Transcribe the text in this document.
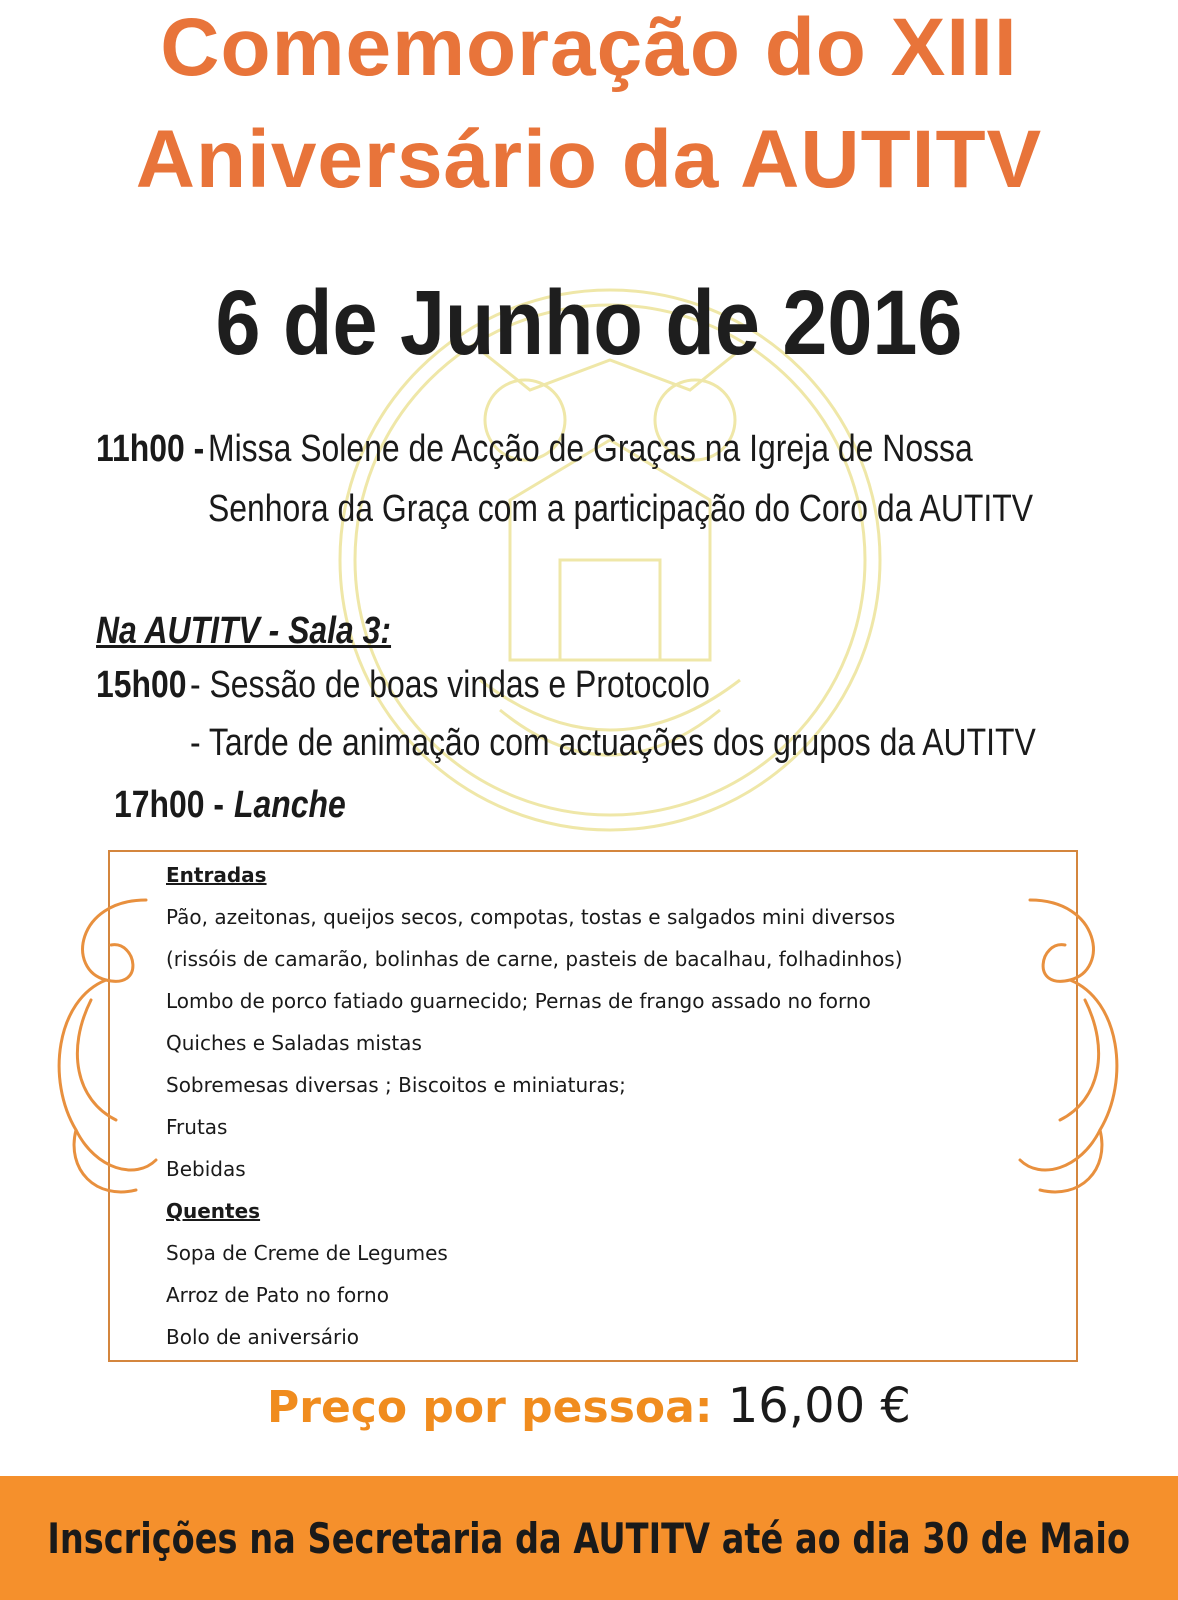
Comemoração do XIII
Aniversário da AUTITV
6 de Junho de 2016
11h00 - Missa Solene de Acção de Graças na Igreja de Nossa
Senhora da Graça com a participação do Coro da AUTITV
Na AUTITV - Sala 3:
15h00 - Sessão de boas vindas e Protocolo
- Tarde de animação com actuações dos grupos da AUTITV
17h00 - Lanche
Entradas
Pão, azeitonas, queijos secos, compotas, tostas e salgados mini diversos
(rissóis de camarão, bolinhas de carne, pasteis de bacalhau, folhadinhos)
Lombo de porco fatiado guarnecido; Pernas de frango assado no forno
Quiches e Saladas mistas
Sobremesas diversas ; Biscoitos e miniaturas;
Frutas
Bebidas
Quentes
Sopa de Creme de Legumes
Arroz de Pato no forno
Bolo de aniversário
Preço por pessoa: 16,00 €
Inscrições na Secretaria da AUTITV até ao dia 30 de Maio
